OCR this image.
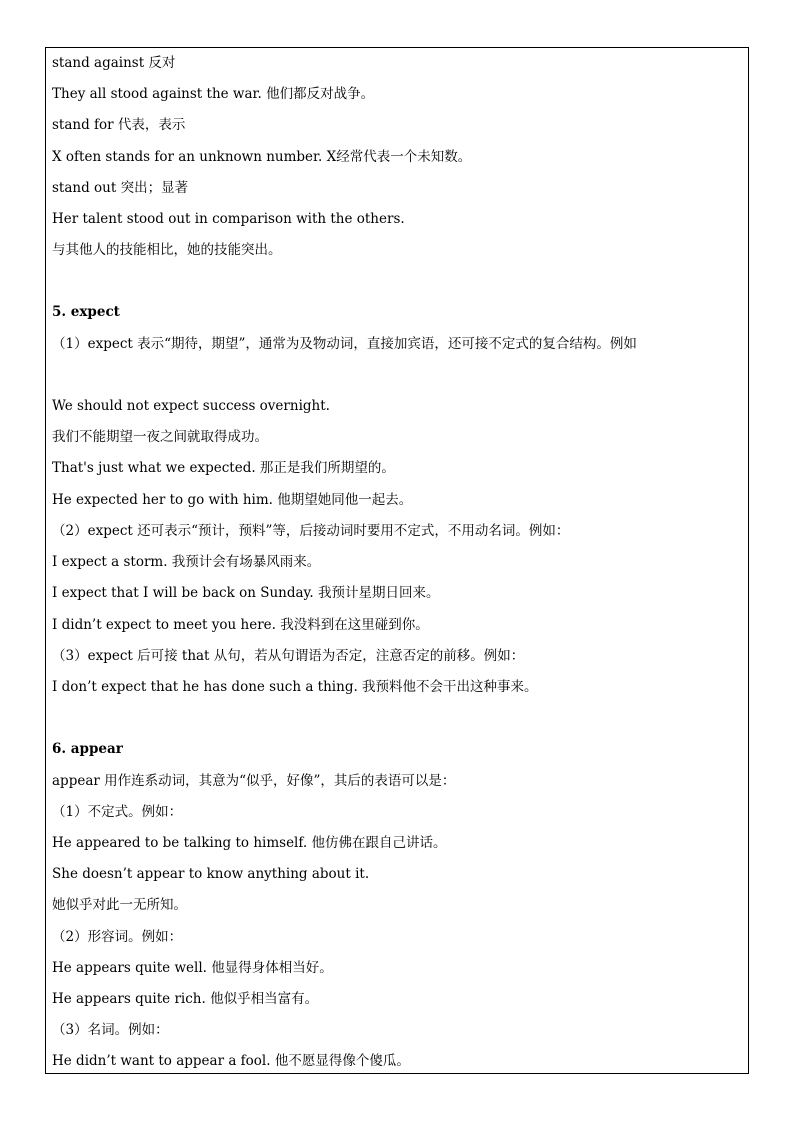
stand against 反对
They all stood against the war. 他们都反对战争。
stand for 代表，表示
X often stands for an unknown number. X经常代表一个未知数。
stand out 突出；显著
Her talent stood out in comparison with the others.
与其他人的技能相比，她的技能突出。
5. expect
（1）expect 表示“期待，期望”，通常为及物动词，直接加宾语，还可接不定式的复合结构。例如
We should not expect success overnight.
我们不能期望一夜之间就取得成功。
That's just what we expected. 那正是我们所期望的。
He expected her to go with him. 他期望她同他一起去。
（2）expect 还可表示“预计，预料”等，后接动词时要用不定式，不用动名词。例如：
I expect a storm. 我预计会有场暴风雨来。
I expect that I will be back on Sunday. 我预计星期日回来。
I didn’t expect to meet you here. 我没料到在这里碰到你。
（3）expect 后可接 that 从句，若从句谓语为否定，注意否定的前移。例如：
I don’t expect that he has done such a thing. 我预料他不会干出这种事来。
6. appear
appear 用作连系动词，其意为“似乎，好像”，其后的表语可以是：
（1）不定式。例如：
He appeared to be talking to himself. 他仿佛在跟自己讲话。
She doesn’t appear to know anything about it.
她似乎对此一无所知。
（2）形容词。例如：
He appears quite well. 他显得身体相当好。
He appears quite rich. 他似乎相当富有。
（3）名词。例如：
He didn’t want to appear a fool. 他不愿显得像个傻瓜。
